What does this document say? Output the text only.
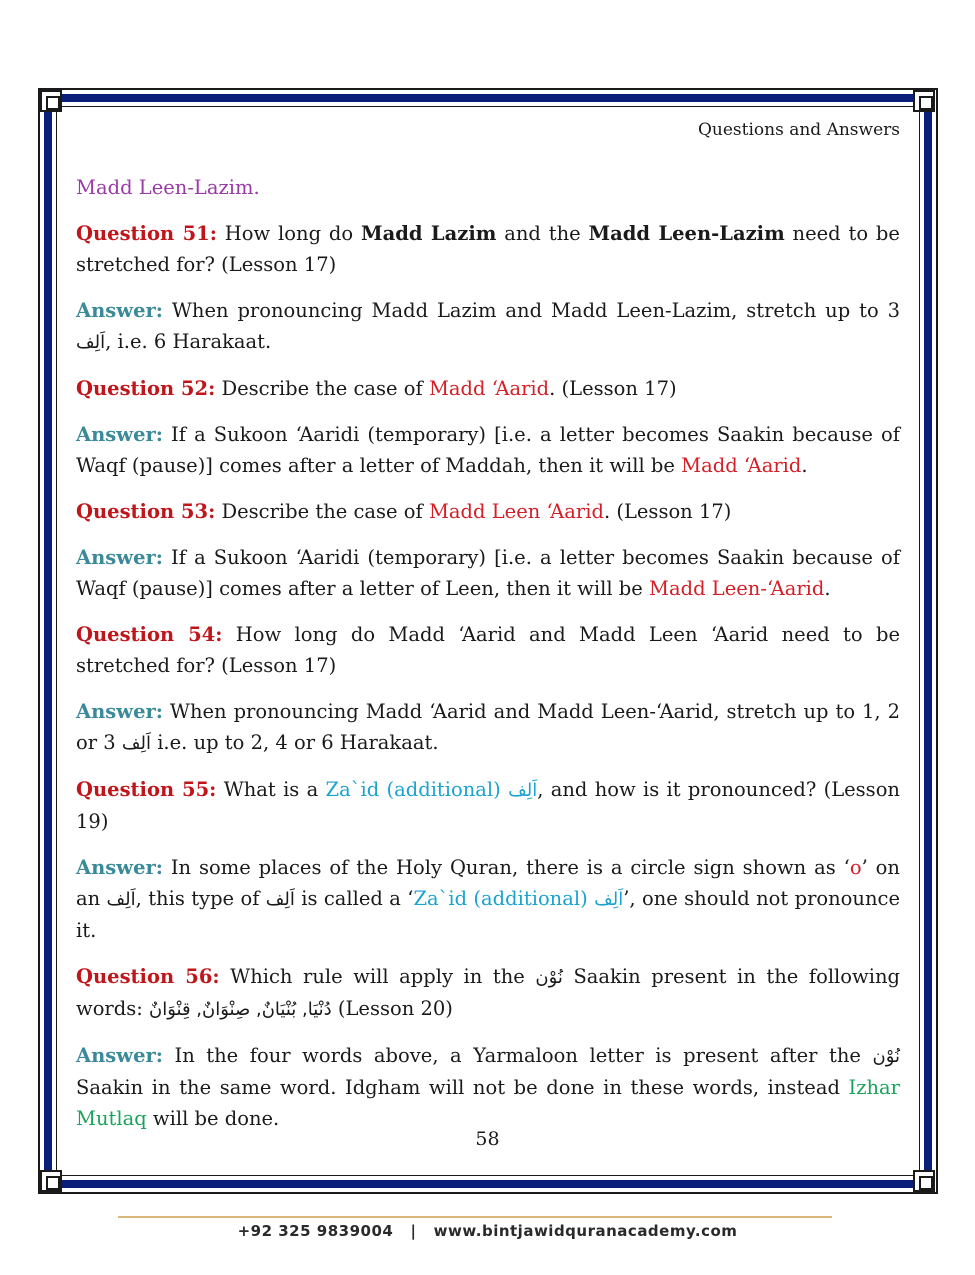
Questions and Answers

Madd Leen-Lazim.

Question 51: How long do Madd Lazim and the Madd Leen-Lazim need to be stretched for? (Lesson 17)

Answer: When pronouncing Madd Lazim and Madd Leen-Lazim, stretch up to 3 اَلِف, i.e. 6 Harakaat.

Question 52: Describe the case of Madd ‘Aarid. (Lesson 17)

Answer: If a Sukoon ‘Aaridi (temporary) [i.e. a letter becomes Saakin because of Waqf (pause)] comes after a letter of Maddah, then it will be Madd ‘Aarid.

Question 53: Describe the case of Madd Leen ‘Aarid. (Lesson 17)

Answer: If a Sukoon ‘Aaridi (temporary) [i.e. a letter becomes Saakin because of Waqf (pause)] comes after a letter of Leen, then it will be Madd Leen-‘Aarid.

Question 54: How long do Madd ‘Aarid and Madd Leen ‘Aarid need to be stretched for? (Lesson 17)

Answer: When pronouncing Madd ‘Aarid and Madd Leen-‘Aarid, stretch up to 1, 2 or 3 اَلِف i.e. up to 2, 4 or 6 Harakaat.

Question 55: What is a Za`id (additional) اَلِف, and how is it pronounced? (Lesson 19)

Answer: In some places of the Holy Quran, there is a circle sign shown as ‘o’ on an اَلِف, this type of اَلِف is called a ‘Za`id (additional) اَلِف’, one should not pronounce it.

Question 56: Which rule will apply in the نُوْن Saakin present in the following words: دُنْيَا, بُنْيَانٌ, صِنْوَانٌ, قِنْوَانٌ (Lesson 20)

Answer: In the four words above, a Yarmaloon letter is present after the نُوْن Saakin in the same word. Idgham will not be done in these words, instead Izhar Mutlaq will be done.

58
+92 325 9839004   |   www.bintjawidquranacademy.com
